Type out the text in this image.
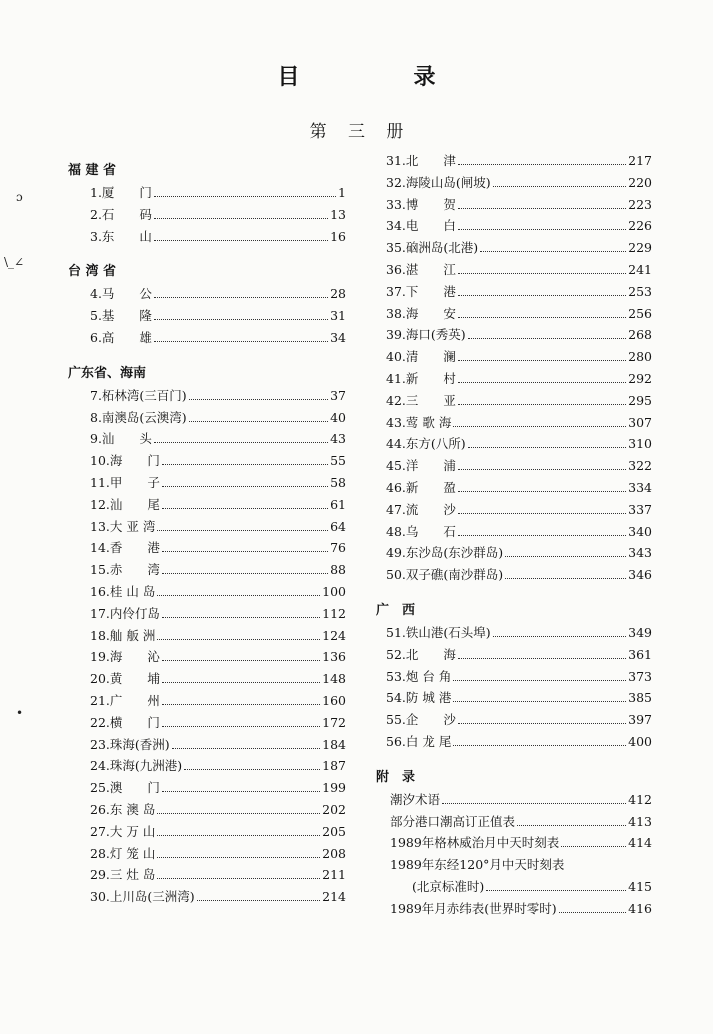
目　录
第 三 册
ɔ
\_∠
•
福 建 省
1.厦　　门	1
2.石　　码	13
3.东　　山	16
台 湾 省
4.马　　公	28
5.基　　隆	31
6.高　　雄	34
广东省、海南
7.柘林湾(三百门)	37
8.南澳岛(云澳湾)	40
9.汕　　头	43
10.海　　门	55
11.甲　　子	58
12.汕　　尾	61
13.大 亚 湾	64
14.香　　港	76
15.赤　　湾	88
16.桂 山 岛	100
17.内伶仃岛	112
18.舢 舨 洲	124
19.海　　沁	136
20.黄　　埔	148
21.广　　州	160
22.横　　门	172
23.珠海(香洲)	184
24.珠海(九洲港)	187
25.澳　　门	199
26.东 澳 岛	202
27.大 万 山	205
28.灯 笼 山	208
29.三 灶 岛	211
30.上川岛(三洲湾)	214
31.北　　津	217
32.海陵山岛(闸坡)	220
33.博　　贺	223
34.电　　白	226
35.硇洲岛(北港)	229
36.湛　　江	241
37.下　　港	253
38.海　　安	256
39.海口(秀英)	268
40.清　　澜	280
41.新　　村	292
42.三　　亚	295
43.莺 歌 海	307
44.东方(八所)	310
45.洋　　浦	322
46.新　　盈	334
47.流　　沙	337
48.乌　　石	340
49.东沙岛(东沙群岛)	343
50.双子礁(南沙群岛)	346
广　西
51.铁山港(石头埠)	349
52.北　　海	361
53.炮 台 角	373
54.防 城 港	385
55.企　　沙	397
56.白 龙 尾	400
附　录
潮汐术语	412
部分港口潮高订正值表	413
1989年格林威治月中天时刻表	414
1989年东经120°月中天时刻表
(北京标准时)	415
1989年月赤纬表(世界时零时)	416
